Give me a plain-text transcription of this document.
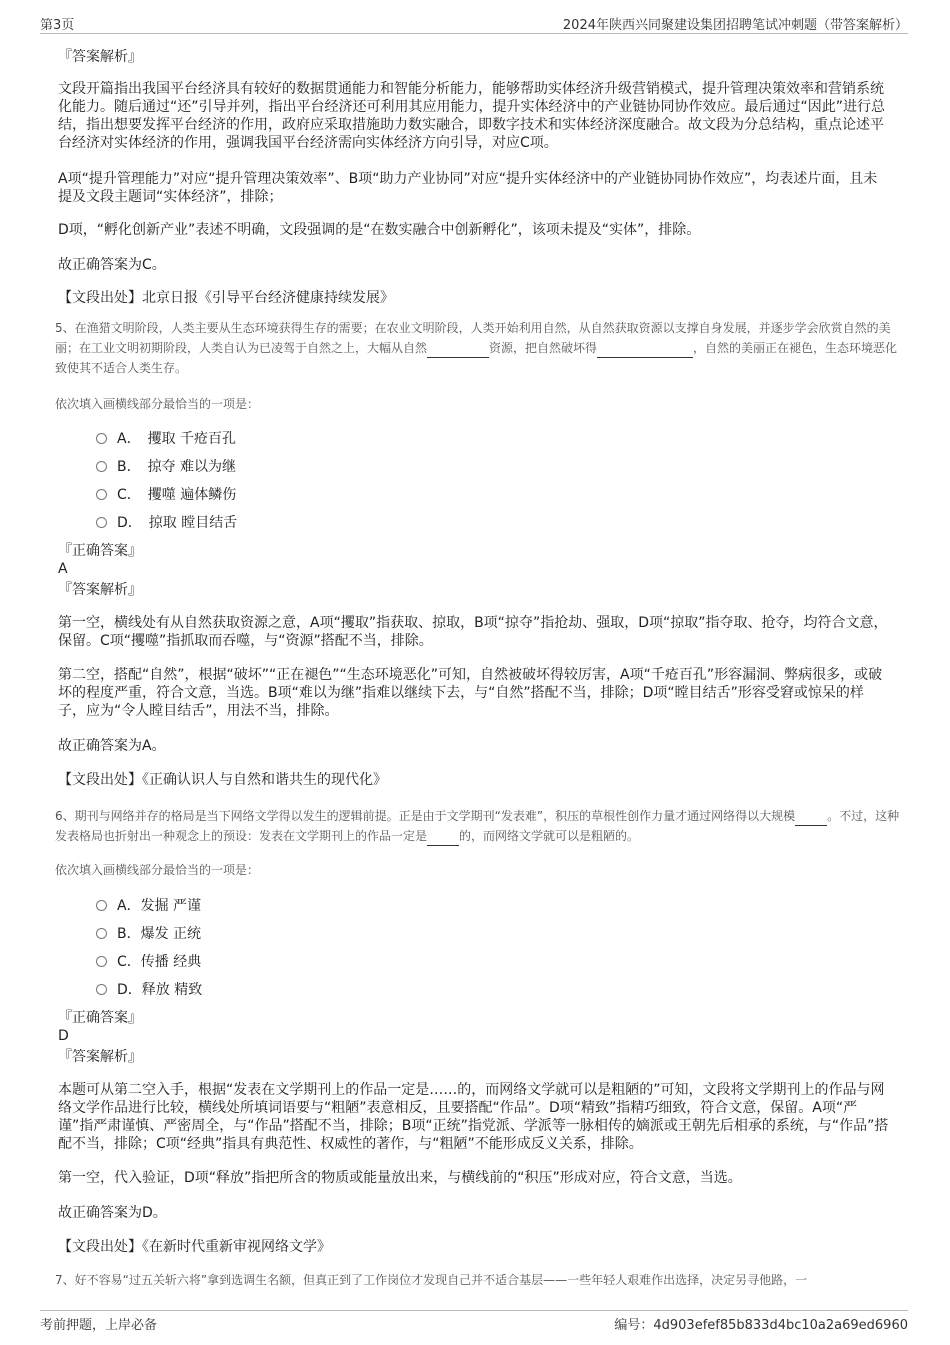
第3页	2024年陕西兴同聚建设集团招聘笔试冲刺题（带答案解析）

『答案解析』

文段开篇指出我国平台经济具有较好的数据贯通能力和智能分析能力，能够帮助实体经济升级营销模式，提升管理决策效率和营销系统化能力。随后通过“还”引导并列，指出平台经济还可利用其应用能力，提升实体经济中的产业链协同协作效应。最后通过“因此”进行总结，指出想要发挥平台经济的作用，政府应采取措施助力数实融合，即数字技术和实体经济深度融合。故文段为分总结构，重点论述平台经济对实体经济的作用，强调我国平台经济需向实体经济方向引导，对应C项。

A项“提升管理能力”对应“提升管理决策效率”、B项“助力产业协同”对应“提升实体经济中的产业链协同协作效应”，均表述片面，且未提及文段主题词“实体经济”，排除；

D项，“孵化创新产业”表述不明确，文段强调的是“在数实融合中创新孵化”，该项未提及“实体”，排除。

故正确答案为C。

【文段出处】北京日报《引导平台经济健康持续发展》

5、在渔猎文明阶段，人类主要从生态环境获得生存的需要；在农业文明阶段，人类开始利用自然，从自然获取资源以支撑自身发展，并逐步学会欣赏自然的美丽；在工业文明初期阶段，人类自认为已凌驾于自然之上，大幅从自然	资源，把自然破坏得	，自然的美丽正在褪色，生态环境恶化致使其不适合人类生存。

依次填入画横线部分最恰当的一项是：

A．　攫取 千疮百孔
B．　掠夺 难以为继
C．　攫噬 遍体鳞伤
D．　掠取 瞠目结舌

『正确答案』

A

『答案解析』

第一空，横线处有从自然获取资源之意，A项“攫取”指获取、掠取，B项“掠夺”指抢劫、强取，D项“掠取”指夺取、抢夺，均符合文意，保留。C项“攫噬”指抓取而吞噬，与“资源”搭配不当，排除。

第二空，搭配“自然”，根据“破坏”“正在褪色”“生态环境恶化”可知，自然被破坏得较厉害，A项“千疮百孔”形容漏洞、弊病很多，或破坏的程度严重，符合文意，当选。B项“难以为继”指难以继续下去，与“自然”搭配不当，排除；D项“瞠目结舌”形容受窘或惊呆的样子，应为“令人瞠目结舌”，用法不当，排除。

故正确答案为A。

【文段出处】《正确认识人与自然和谐共生的现代化》

6、期刊与网络并存的格局是当下网络文学得以发生的逻辑前提。正是由于文学期刊“发表难”，积压的草根性创作力量才通过网络得以大规模	。不过，这种发表格局也折射出一种观念上的预设：发表在文学期刊上的作品一定是	的，而网络文学就可以是粗陋的。

依次填入画横线部分最恰当的一项是：

A．发掘 严谨
B．爆发 正统
C．传播 经典
D．释放 精致

『正确答案』

D

『答案解析』

本题可从第二空入手，根据“发表在文学期刊上的作品一定是……的，而网络文学就可以是粗陋的”可知，文段将文学期刊上的作品与网络文学作品进行比较，横线处所填词语要与“粗陋”表意相反，且要搭配“作品”。D项“精致”指精巧细致，符合文意，保留。A项“严谨”指严肃谨慎、严密周全，与“作品”搭配不当，排除；B项“正统”指党派、学派等一脉相传的嫡派或王朝先后相承的系统，与“作品”搭配不当，排除；C项“经典”指具有典范性、权威性的著作，与“粗陋”不能形成反义关系，排除。

第一空，代入验证，D项“释放”指把所含的物质或能量放出来，与横线前的“积压”形成对应，符合文意，当选。

故正确答案为D。

【文段出处】《在新时代重新审视网络文学》

7、好不容易“过五关斩六将”拿到选调生名额，但真正到了工作岗位才发现自己并不适合基层——一些年轻人艰难作出选择，决定另寻他路，一

考前押题，上岸必备	编号：4d903efef85b833d4bc10a2a69ed6960
